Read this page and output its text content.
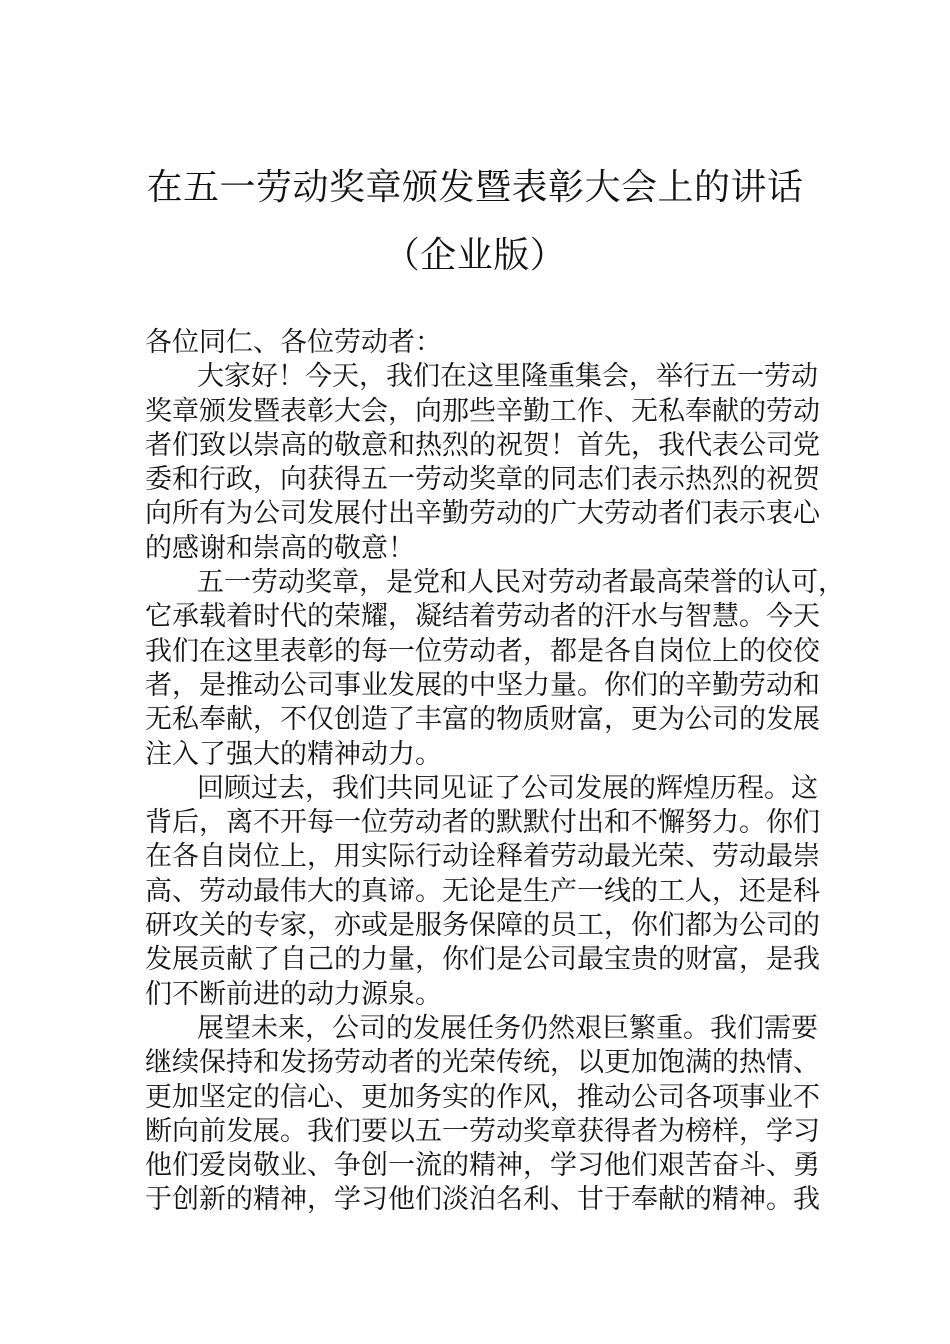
在五一劳动奖章颁发暨表彰大会上的讲话
（企业版）

各位同仁、各位劳动者：

大家好！今天，我们在这里隆重集会，举行五一劳动

奖章颁发暨表彰大会，向那些辛勤工作、无私奉献的劳动

者们致以崇高的敬意和热烈的祝贺！首先，我代表公司党

委和行政，向获得五一劳动奖章的同志们表示热烈的祝贺

向所有为公司发展付出辛勤劳动的广大劳动者们表示衷心

的感谢和崇高的敬意！

五一劳动奖章，是党和人民对劳动者最高荣誉的认可，

它承载着时代的荣耀，凝结着劳动者的汗水与智慧。今天

我们在这里表彰的每一位劳动者，都是各自岗位上的佼佼

者，是推动公司事业发展的中坚力量。你们的辛勤劳动和

无私奉献，不仅创造了丰富的物质财富，更为公司的发展

注入了强大的精神动力。

回顾过去，我们共同见证了公司发展的辉煌历程。这

背后，离不开每一位劳动者的默默付出和不懈努力。你们

在各自岗位上，用实际行动诠释着劳动最光荣、劳动最崇

高、劳动最伟大的真谛。无论是生产一线的工人，还是科

研攻关的专家，亦或是服务保障的员工，你们都为公司的

发展贡献了自己的力量，你们是公司最宝贵的财富，是我

们不断前进的动力源泉。

展望未来，公司的发展任务仍然艰巨繁重。我们需要

继续保持和发扬劳动者的光荣传统，以更加饱满的热情、

更加坚定的信心、更加务实的作风，推动公司各项事业不

断向前发展。我们要以五一劳动奖章获得者为榜样，学习

他们爱岗敬业、争创一流的精神，学习他们艰苦奋斗、勇

于创新的精神，学习他们淡泊名利、甘于奉献的精神。我
